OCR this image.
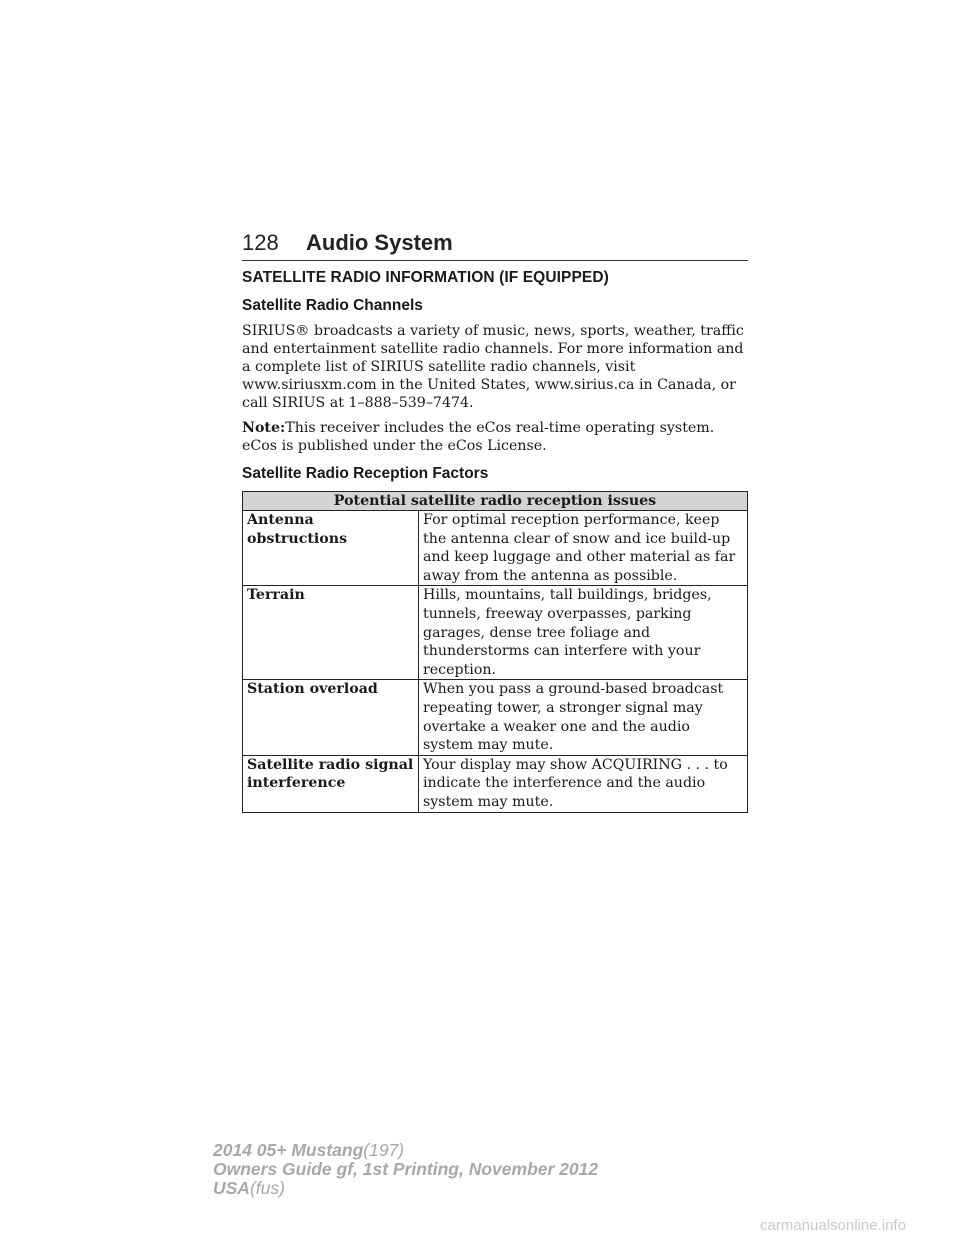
128 Audio System
SATELLITE RADIO INFORMATION (IF EQUIPPED)
Satellite Radio Channels

SIRIUS® broadcasts a variety of music, news, sports, weather, traffic and entertainment satellite radio channels. For more information and a complete list of SIRIUS satellite radio channels, visit www.siriusxm.com in the United States, www.sirius.ca in Canada, or call SIRIUS at 1–888–539–7474.

Note:This receiver includes the eCos real-time operating system. eCos is published under the eCos License.

Satellite Radio Reception Factors
Potential satellite radio reception issues	
Antenna obstructions	For optimal reception performance, keep the antenna clear of snow and ice build-up and keep luggage and other material as far away from the antenna as possible.
Terrain	Hills, mountains, tall buildings, bridges, tunnels, freeway overpasses, parking garages, dense tree foliage and thunderstorms can interfere with your reception.
Station overload	When you pass a ground-based broadcast repeating tower, a stronger signal may overtake a weaker one and the audio system may mute.
Satellite radio signal interference	Your display may show ACQUIRING . . . to indicate the interference and the audio system may mute.
2014 05+ Mustang(197)
Owners Guide gf, 1st Printing, November 2012
USA(fus)
carmanualsonline.info
